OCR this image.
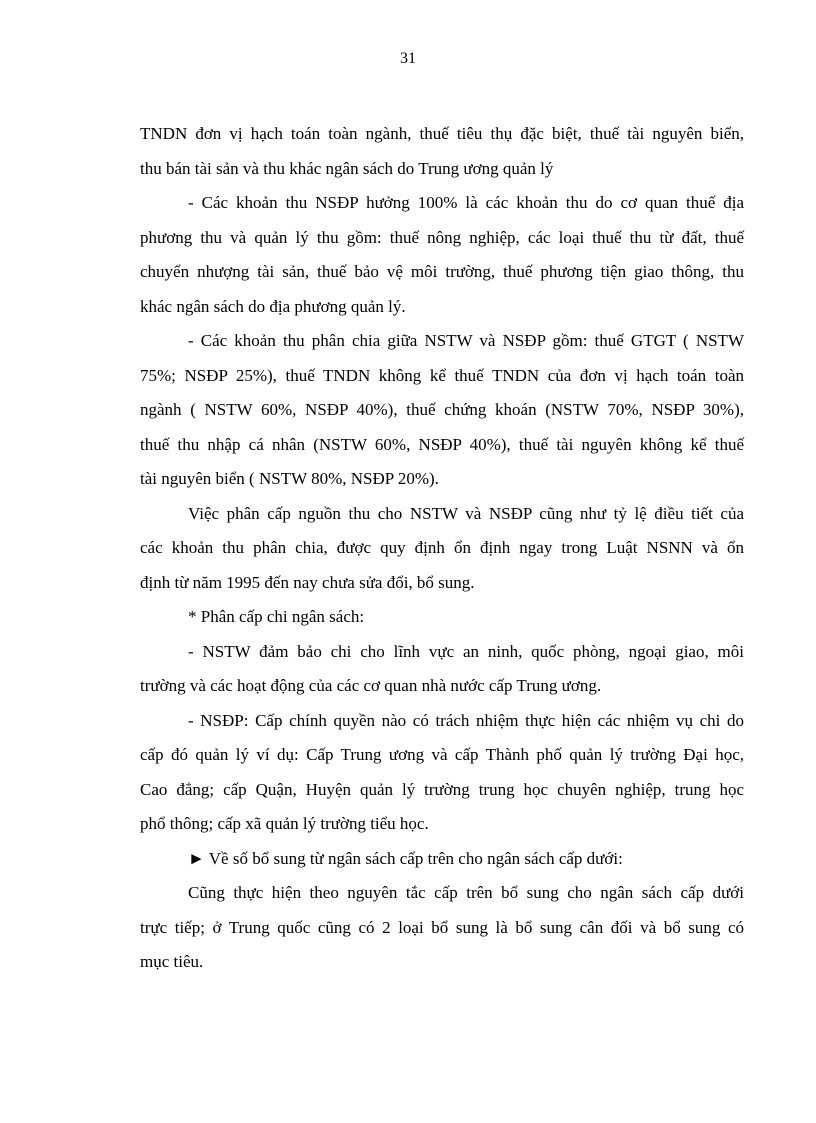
31

TNDN đơn vị hạch toán toàn ngành, thuế tiêu thụ đặc biệt, thuế tài nguyên biển,
thu bán tài sản và thu khác ngân sách do Trung ương quản lý

- Các khoản thu NSĐP hưởng 100% là các khoản thu do cơ quan thuế địa
phương thu và quản lý thu gồm: thuế nông nghiệp, các loại thuế thu từ đất, thuế
chuyển nhượng tài sản, thuế bảo vệ môi trường, thuế phương tiện giao thông, thu
khác ngân sách do địa phương quản lý.

- Các khoản thu phân chia giữa NSTW và NSĐP gồm: thuế GTGT ( NSTW
75%; NSĐP 25%), thuế TNDN không kể thuế TNDN của đơn vị hạch toán toàn
ngành ( NSTW 60%, NSĐP 40%), thuế chứng khoán (NSTW 70%, NSĐP 30%),
thuế thu nhập cá nhân (NSTW 60%, NSĐP 40%), thuế tài nguyên không kể thuế
tài nguyên biển ( NSTW 80%, NSĐP 20%).

Việc phân cấp nguồn thu cho NSTW và NSĐP cũng như tỷ lệ điều tiết của
các khoản thu phân chia, được quy định ổn định ngay trong Luật NSNN và ổn
định từ năm 1995 đến nay chưa sửa đổi, bổ sung.

* Phân cấp chi ngân sách:

- NSTW đảm bảo chi cho lĩnh vực an ninh, quốc phòng, ngoại giao, môi
trường và các hoạt động của các cơ quan nhà nước cấp Trung ương.

- NSĐP: Cấp chính quyền nào có trách nhiệm thực hiện các nhiệm vụ chi do
cấp đó quản lý ví dụ: Cấp Trung ương và cấp Thành phố quản lý trường Đại học,
Cao đẳng; cấp Quận, Huyện quản lý trường trung học chuyên nghiệp, trung học
phổ thông; cấp xã quản lý trường tiểu học.

► Về số bổ sung từ ngân sách cấp trên cho ngân sách cấp dưới:

Cũng thực hiện theo nguyên tắc cấp trên bổ sung cho ngân sách cấp dưới
trực tiếp; ở Trung quốc cũng có 2 loại bổ sung là bổ sung cân đối và bổ sung có
mục tiêu.
